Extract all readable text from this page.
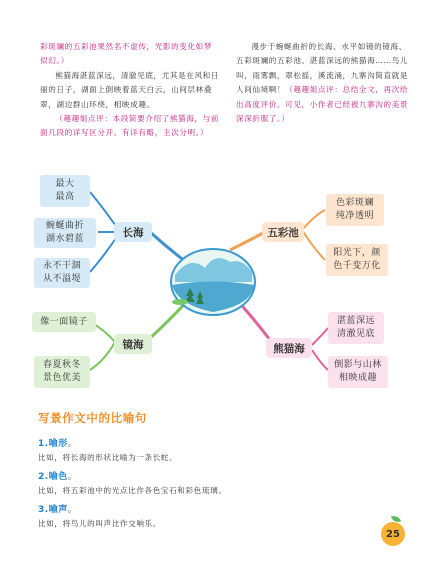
彩斑斓的五彩池果然名不虚传，光影的变化如梦似幻。）

熊猫海湛蓝深远，清澈见底，尤其是在风和日丽的日子，湖面上倒映着蓝天白云，山间层林叠翠，湖边群山环绕，相映成趣。

（趣趣姐点评：本段简要介绍了熊猫海，与前面几段的详写区分开。有详有略，主次分明。）

漫步于蜿蜒曲折的长海、水平如镜的镜海、五彩斑斓的五彩池、湛蓝深远的熊猫海……鸟儿叫，雨雾飘，翠松摇，溪流涌，九寨沟简直就是人间仙境啊！（趣趣姐点评：总结全文，再次给出高度评价。可见，小作者已经被九寨沟的美景深深折服了。）

长海
最大
最高
蜿蜒曲折
湖水碧蓝
永不干涸
从不溢堤
五彩池
色彩斑斓
纯净透明
阳光下，颜
色千变万化
镜海
像一面镜子
春夏秋冬
景色优美
熊猫海
湛蓝深远
清澈见底
倒影与山林
相映成趣
写景作文中的比喻句
1.喻形。
比如，将长海的形状比喻为一条长蛇。
2.喻色。
比如，将五彩池中的光点比作各色宝石和彩色琉璃。
3.喻声。
比如，将鸟儿的叫声比作交响乐。
25
